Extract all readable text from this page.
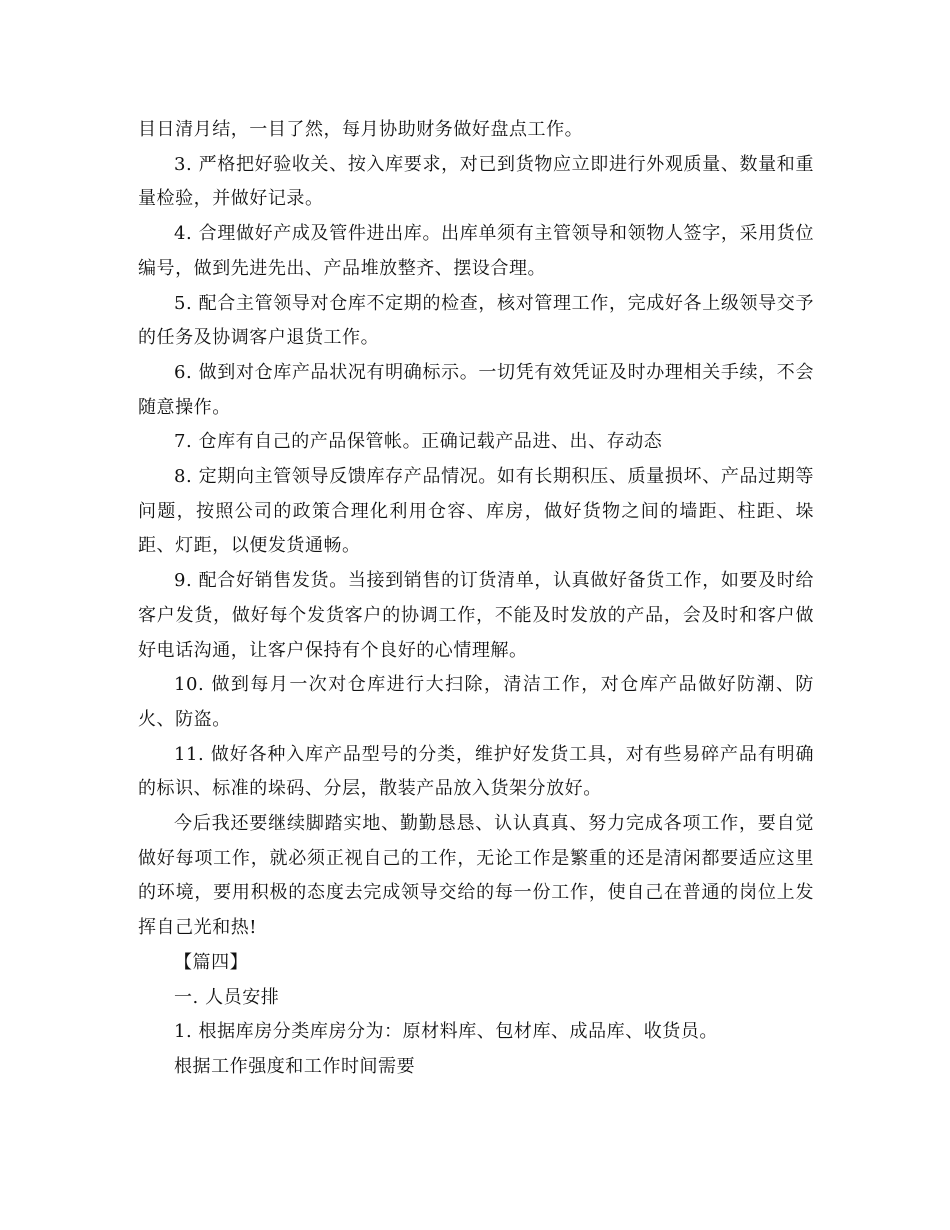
目日清月结，一目了然，每月协助财务做好盘点工作。

3. 严格把好验收关、按入库要求，对已到货物应立即进行外观质量、数量和重量检验，并做好记录。

4. 合理做好产成及管件进出库。出库单须有主管领导和领物人签字，采用货位编号，做到先进先出、产品堆放整齐、摆设合理。

5. 配合主管领导对仓库不定期的检查，核对管理工作，完成好各上级领导交予的任务及协调客户退货工作。

6. 做到对仓库产品状况有明确标示。一切凭有效凭证及时办理相关手续，不会随意操作。

7. 仓库有自己的产品保管帐。正确记载产品进、出、存动态

8. 定期向主管领导反馈库存产品情况。如有长期积压、质量损坏、产品过期等问题，按照公司的政策合理化利用仓容、库房，做好货物之间的墙距、柱距、垛距、灯距，以便发货通畅。

9. 配合好销售发货。当接到销售的订货清单，认真做好备货工作，如要及时给客户发货，做好每个发货客户的协调工作，不能及时发放的产品，会及时和客户做好电话沟通，让客户保持有个良好的心情理解。

10. 做到每月一次对仓库进行大扫除，清洁工作，对仓库产品做好防潮、防火、防盗。

11. 做好各种入库产品型号的分类，维护好发货工具，对有些易碎产品有明确的标识、标准的垛码、分层，散装产品放入货架分放好。

今后我还要继续脚踏实地、勤勤恳恳、认认真真、努力完成各项工作，要自觉做好每项工作，就必须正视自己的工作，无论工作是繁重的还是清闲都要适应这里的环境，要用积极的态度去完成领导交给的每一份工作，使自己在普通的岗位上发挥自己光和热!

【篇四】

一. 人员安排

1. 根据库房分类库房分为：原材料库、包材库、成品库、收货员。

根据工作强度和工作时间需要
